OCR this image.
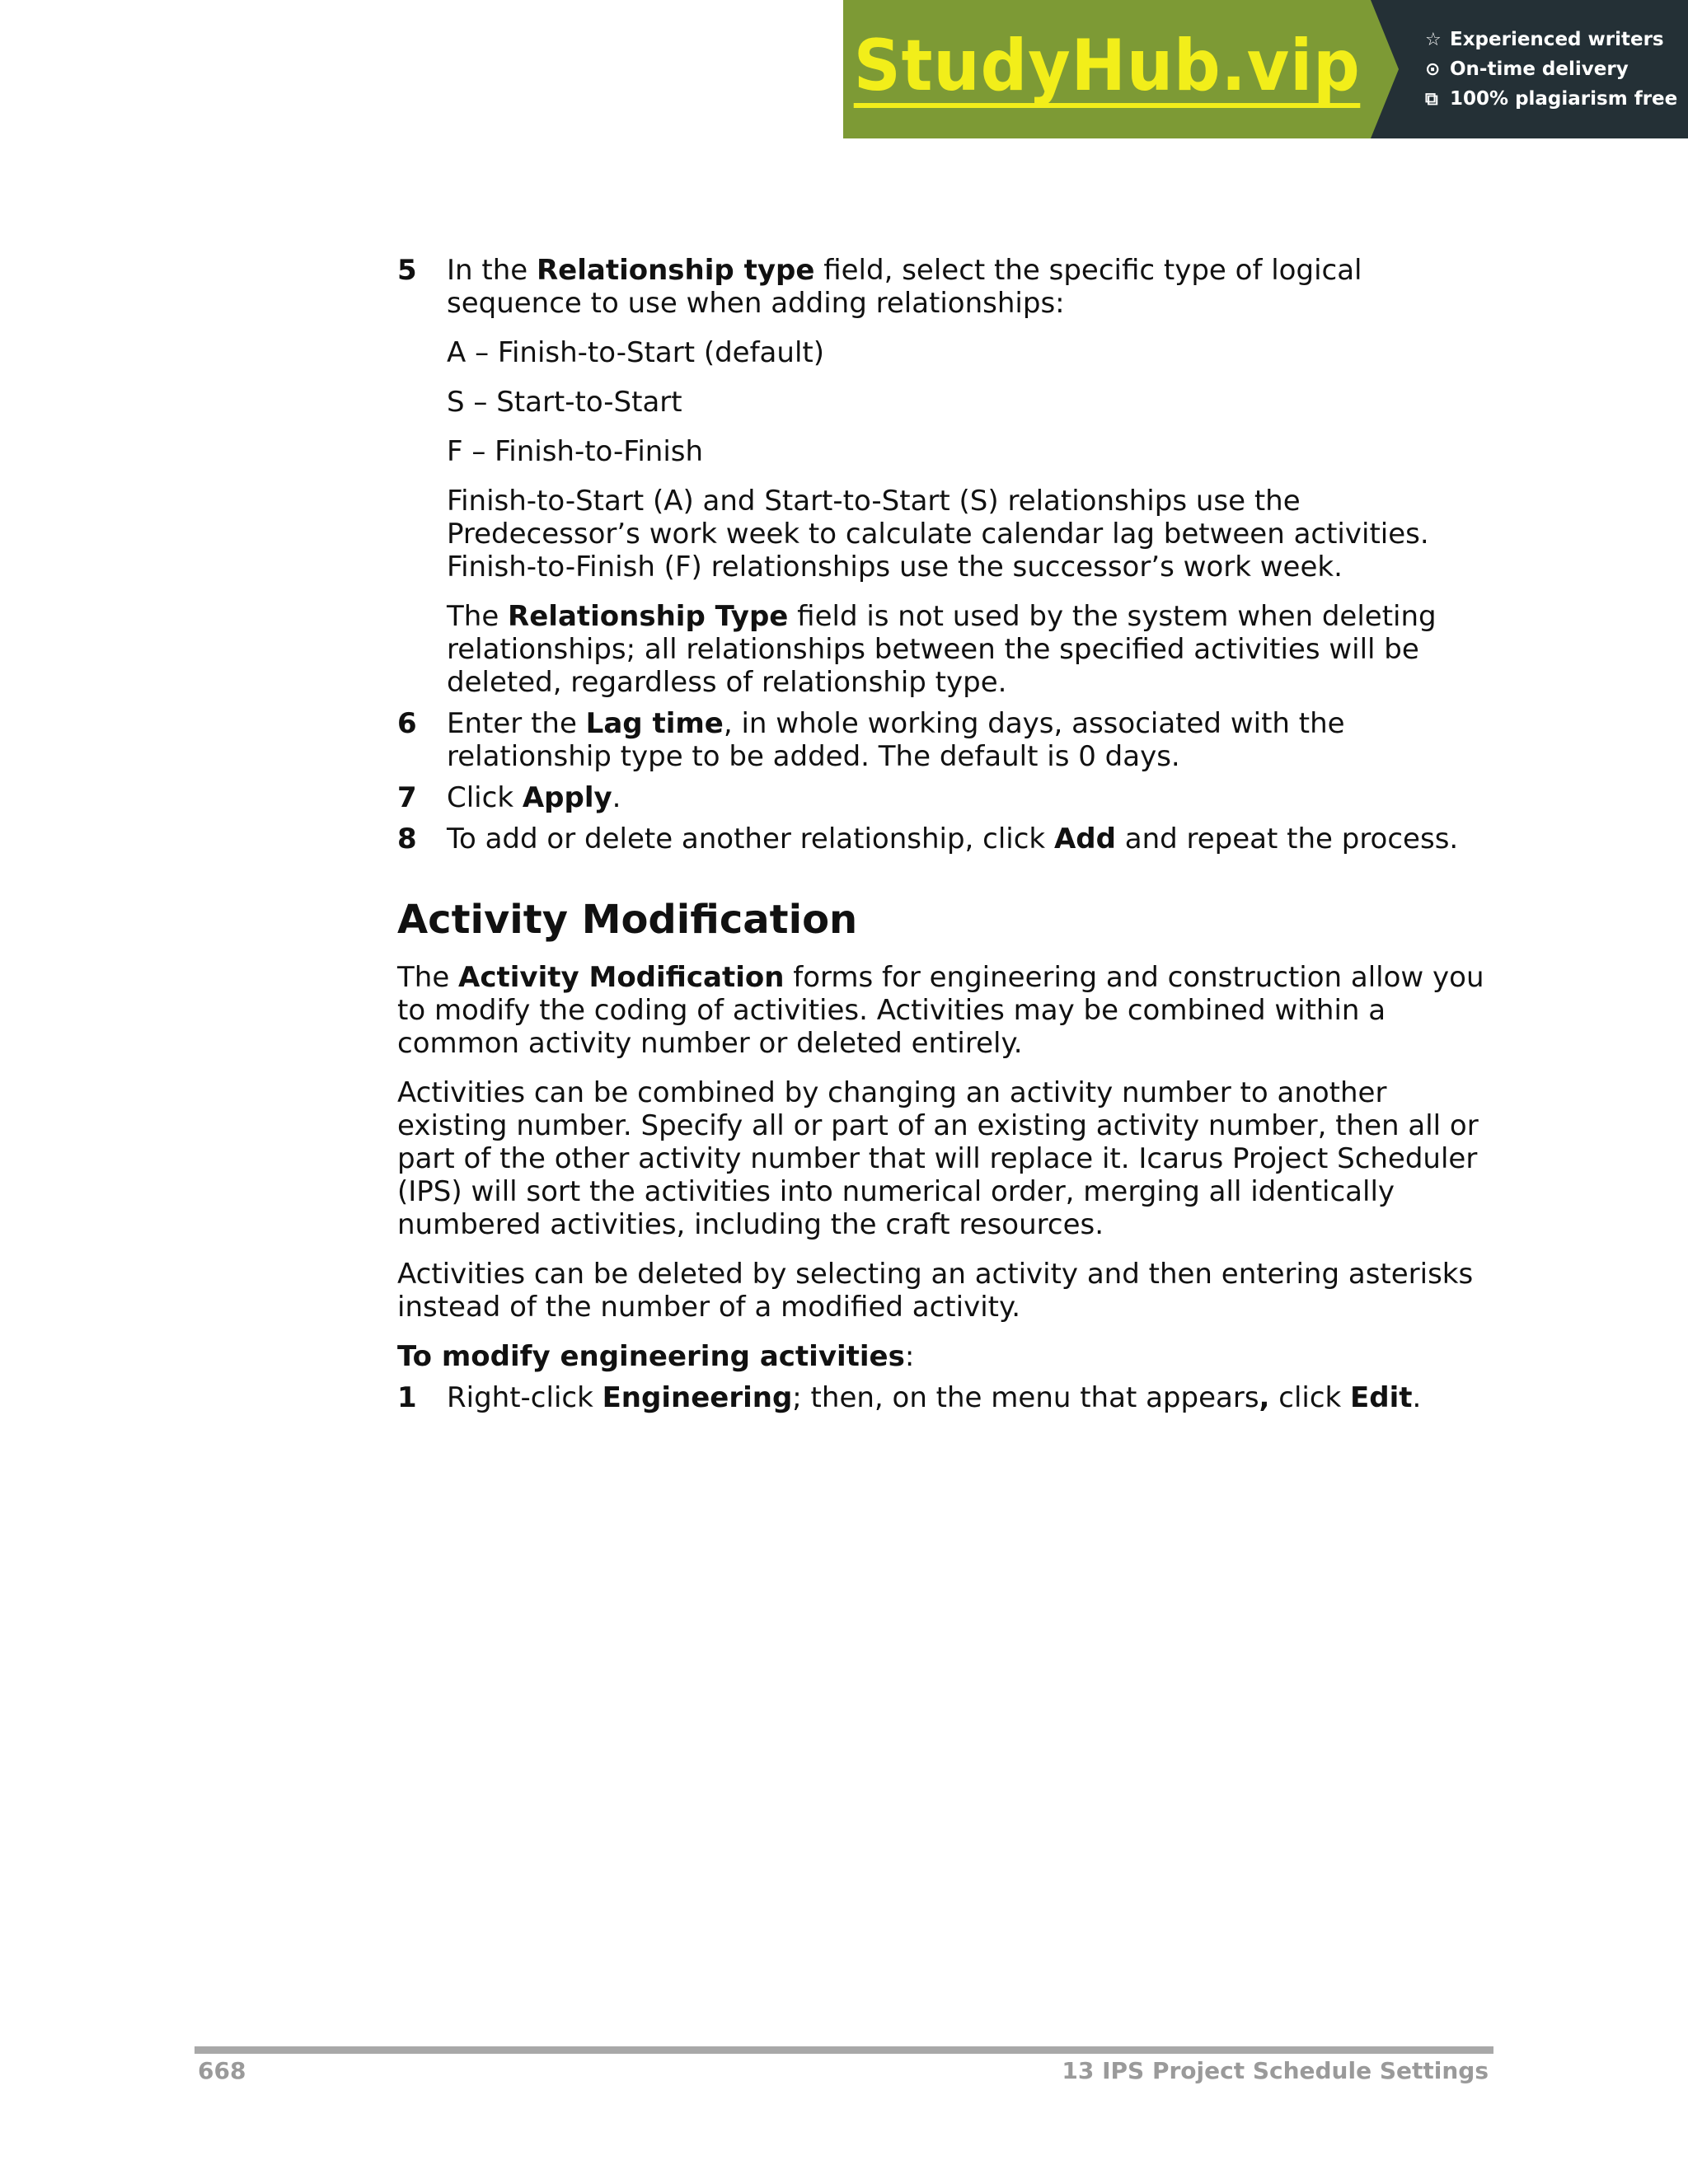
StudyHub.vip	☆ Experienced writers
⊙ On-time delivery
⧉ 100% plagiarism free
5 In the Relationship type field, select the specific type of logical sequence to use when adding relationships:
A – Finish-to-Start (default)
S – Start-to-Start
F – Finish-to-Finish
Finish-to-Start (A) and Start-to-Start (S) relationships use the Predecessor’s work week to calculate calendar lag between activities. Finish-to-Finish (F) relationships use the successor’s work week.
The Relationship Type field is not used by the system when deleting relationships; all relationships between the specified activities will be deleted, regardless of relationship type.
6 Enter the Lag time, in whole working days, associated with the relationship type to be added. The default is 0 days.
7 Click Apply.
8 To add or delete another relationship, click Add and repeat the process.
Activity Modification
The Activity Modification forms for engineering and construction allow you to modify the coding of activities. Activities may be combined within a common activity number or deleted entirely.
Activities can be combined by changing an activity number to another existing number. Specify all or part of an existing activity number, then all or part of the other activity number that will replace it. Icarus Project Scheduler (IPS) will sort the activities into numerical order, merging all identically numbered activities, including the craft resources.
Activities can be deleted by selecting an activity and then entering asterisks instead of the number of a modified activity.
To modify engineering activities:
1 Right-click Engineering; then, on the menu that appears, click Edit.
668	13 IPS Project Schedule Settings
